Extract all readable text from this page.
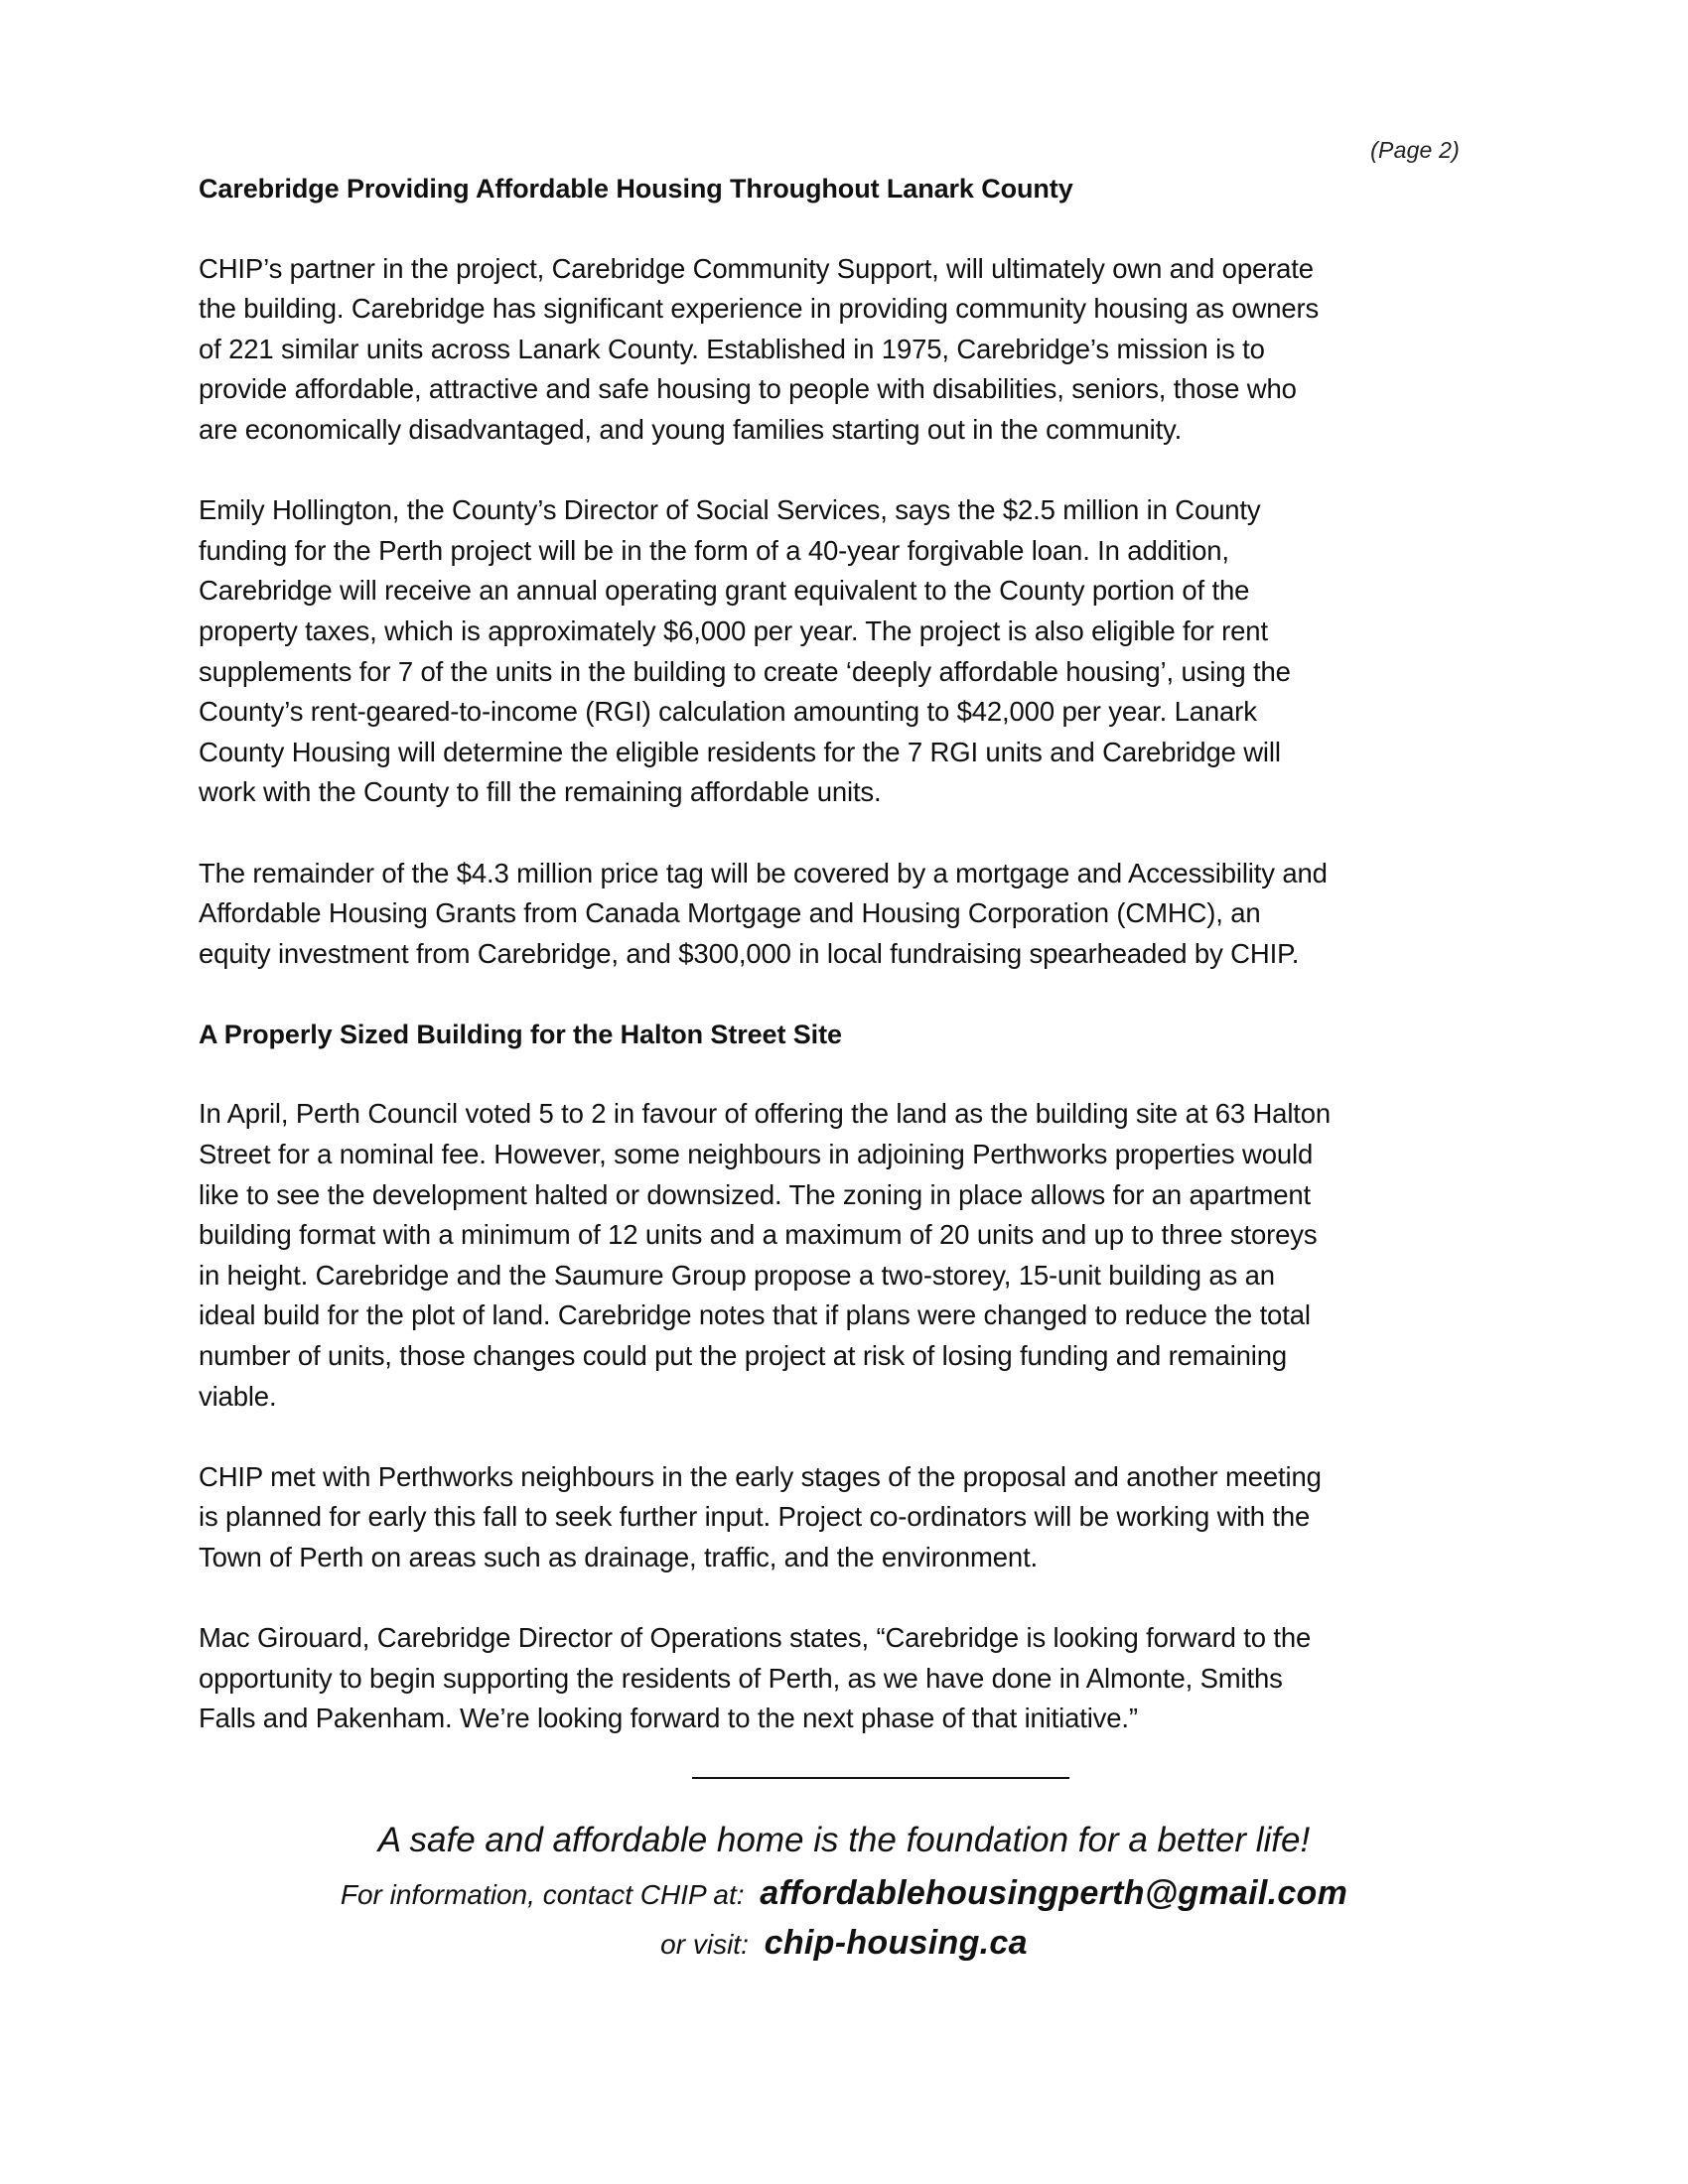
(Page 2)
Carebridge Providing Affordable Housing Throughout Lanark County

CHIP’s partner in the project, Carebridge Community Support, will ultimately own and operate
the building. Carebridge has significant experience in providing community housing as owners
of 221 similar units across Lanark County. Established in 1975, Carebridge’s mission is to
provide affordable, attractive and safe housing to people with disabilities, seniors, those who
are economically disadvantaged, and young families starting out in the community.

Emily Hollington, the County’s Director of Social Services, says the $2.5 million in County
funding for the Perth project will be in the form of a 40-year forgivable loan. In addition,
Carebridge will receive an annual operating grant equivalent to the County portion of the
property taxes, which is approximately $6,000 per year. The project is also eligible for rent
supplements for 7 of the units in the building to create ‘deeply affordable housing’, using the
County’s rent-geared-to-income (RGI) calculation amounting to $42,000 per year. Lanark
County Housing will determine the eligible residents for the 7 RGI units and Carebridge will
work with the County to fill the remaining affordable units.

The remainder of the $4.3 million price tag will be covered by a mortgage and Accessibility and
Affordable Housing Grants from Canada Mortgage and Housing Corporation (CMHC), an
equity investment from Carebridge, and $300,000 in local fundraising spearheaded by CHIP.

A Properly Sized Building for the Halton Street Site

In April, Perth Council voted 5 to 2 in favour of offering the land as the building site at 63 Halton
Street for a nominal fee. However, some neighbours in adjoining Perthworks properties would
like to see the development halted or downsized. The zoning in place allows for an apartment
building format with a minimum of 12 units and a maximum of 20 units and up to three storeys
in height. Carebridge and the Saumure Group propose a two-storey, 15-unit building as an
ideal build for the plot of land. Carebridge notes that if plans were changed to reduce the total
number of units, those changes could put the project at risk of losing funding and remaining
viable.

CHIP met with Perthworks neighbours in the early stages of the proposal and another meeting
is planned for early this fall to seek further input. Project co-ordinators will be working with the
Town of Perth on areas such as drainage, traffic, and the environment.

Mac Girouard, Carebridge Director of Operations states, “Carebridge is looking forward to the
opportunity to begin supporting the residents of Perth, as we have done in Almonte, Smiths
Falls and Pakenham. We’re looking forward to the next phase of that initiative.”

A safe and affordable home is the foundation for a better life!
For information, contact CHIP at: affordablehousingperth@gmail.com
or visit: chip-housing.ca
